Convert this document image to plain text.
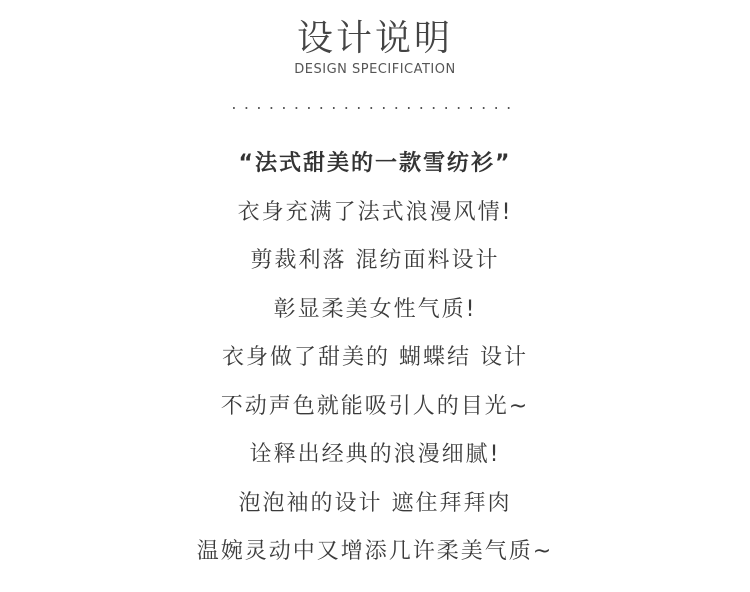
设计说明
DESIGN SPECIFICATION
.......................
“法式甜美的一款雪纺衫”
衣身充满了法式浪漫风情!
剪裁利落 混纺面料设计
彰显柔美女性气质!
衣身做了甜美的 蝴蝶结 设计
不动声色就能吸引人的目光~
诠释出经典的浪漫细腻!
泡泡袖的设计 遮住拜拜肉
温婉灵动中又增添几许柔美气质~
